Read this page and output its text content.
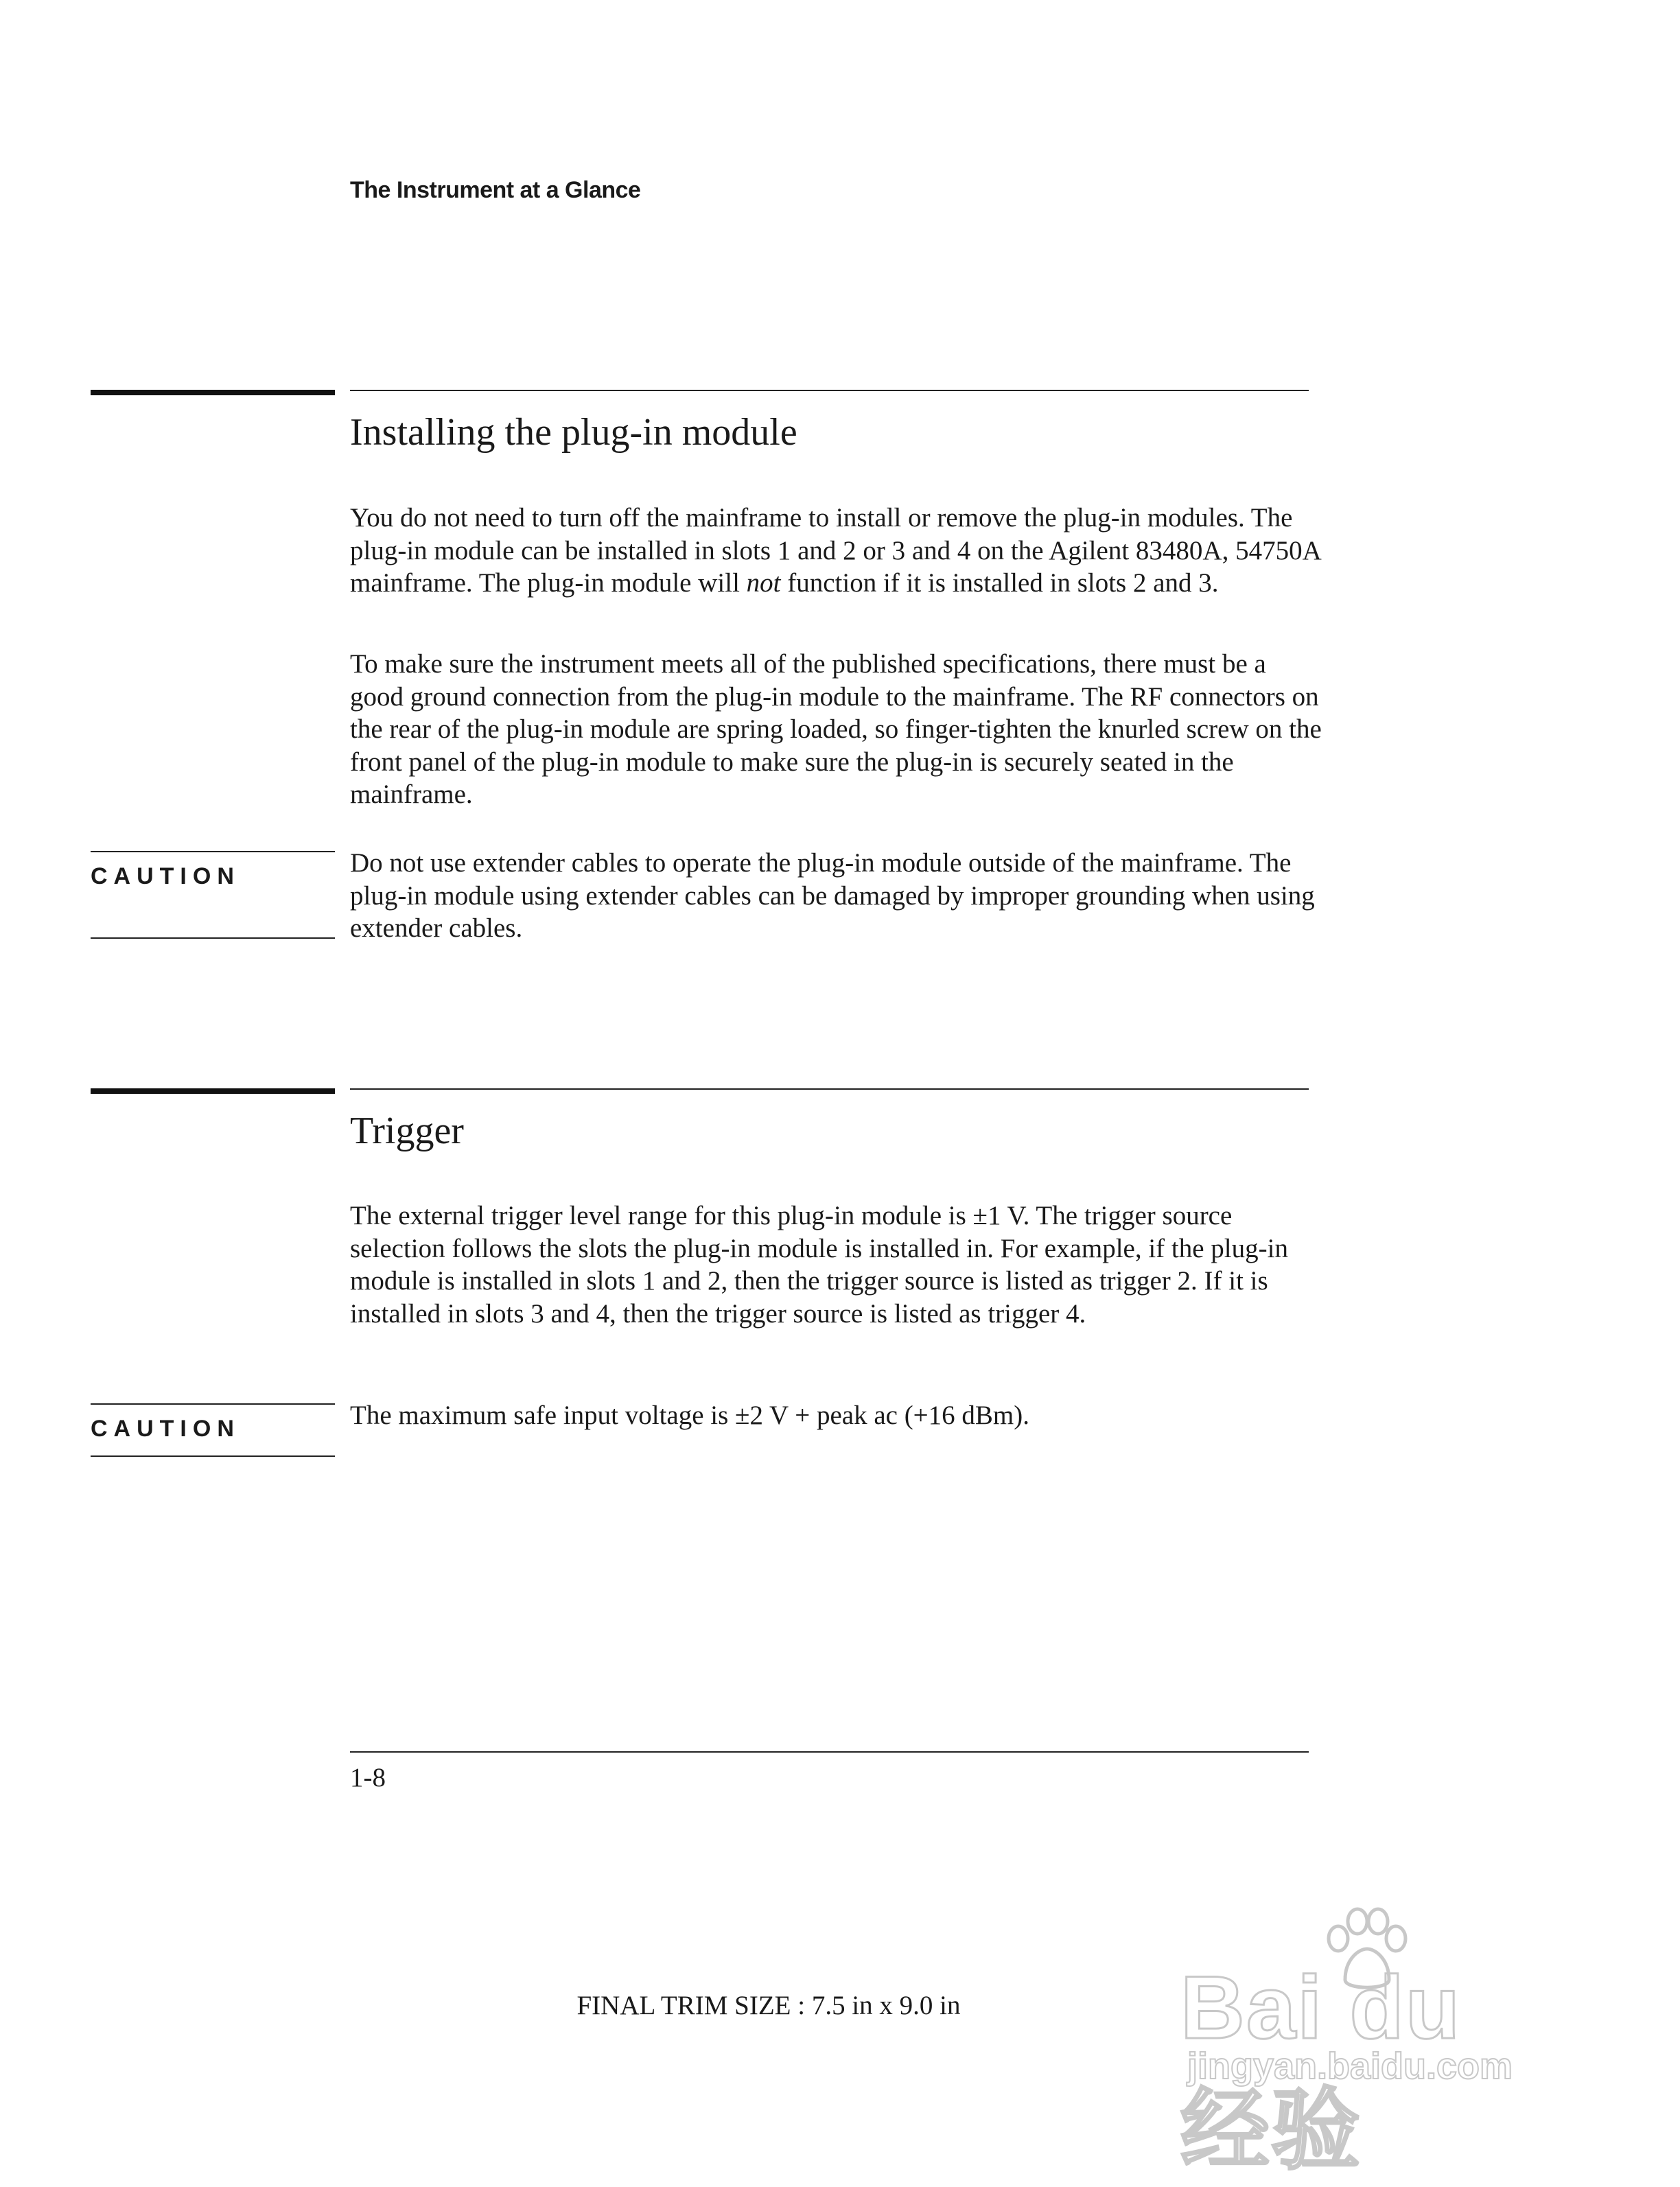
The Instrument at a Glance
Installing the plug-in module

You do not need to turn off the mainframe to install or remove the plug-in modules. The plug-in module can be installed in slots 1 and 2 or 3 and 4 on the Agilent 83480A, 54750A mainframe. The plug-in module will not function if it is installed in slots 2 and 3.

To make sure the instrument meets all of the published specifications, there must be a good ground connection from the plug-in module to the mainframe. The RF connectors on the rear of the plug-in module are spring loaded, so finger-tighten the knurled screw on the front panel of the plug-in module to make sure the plug-in is securely seated in the mainframe.

CAUTION	Do not use extender cables to operate the plug-in module outside of the mainframe. The plug-in module using extender cables can be damaged by improper grounding when using extender cables.

Trigger

The external trigger level range for this plug-in module is ±1 V. The trigger source selection follows the slots the plug-in module is installed in. For example, if the plug-in module is installed in slots 1 and 2, then the trigger source is listed as trigger 2. If it is installed in slots 3 and 4, then the trigger source is listed as trigger 4.

CAUTION	The maximum safe input voltage is ±2 V + peak ac (+16 dBm).

1-8
FINAL TRIM SIZE : 7.5 in x 9.0 in	Bai du 经验
jingyan.baidu.com
